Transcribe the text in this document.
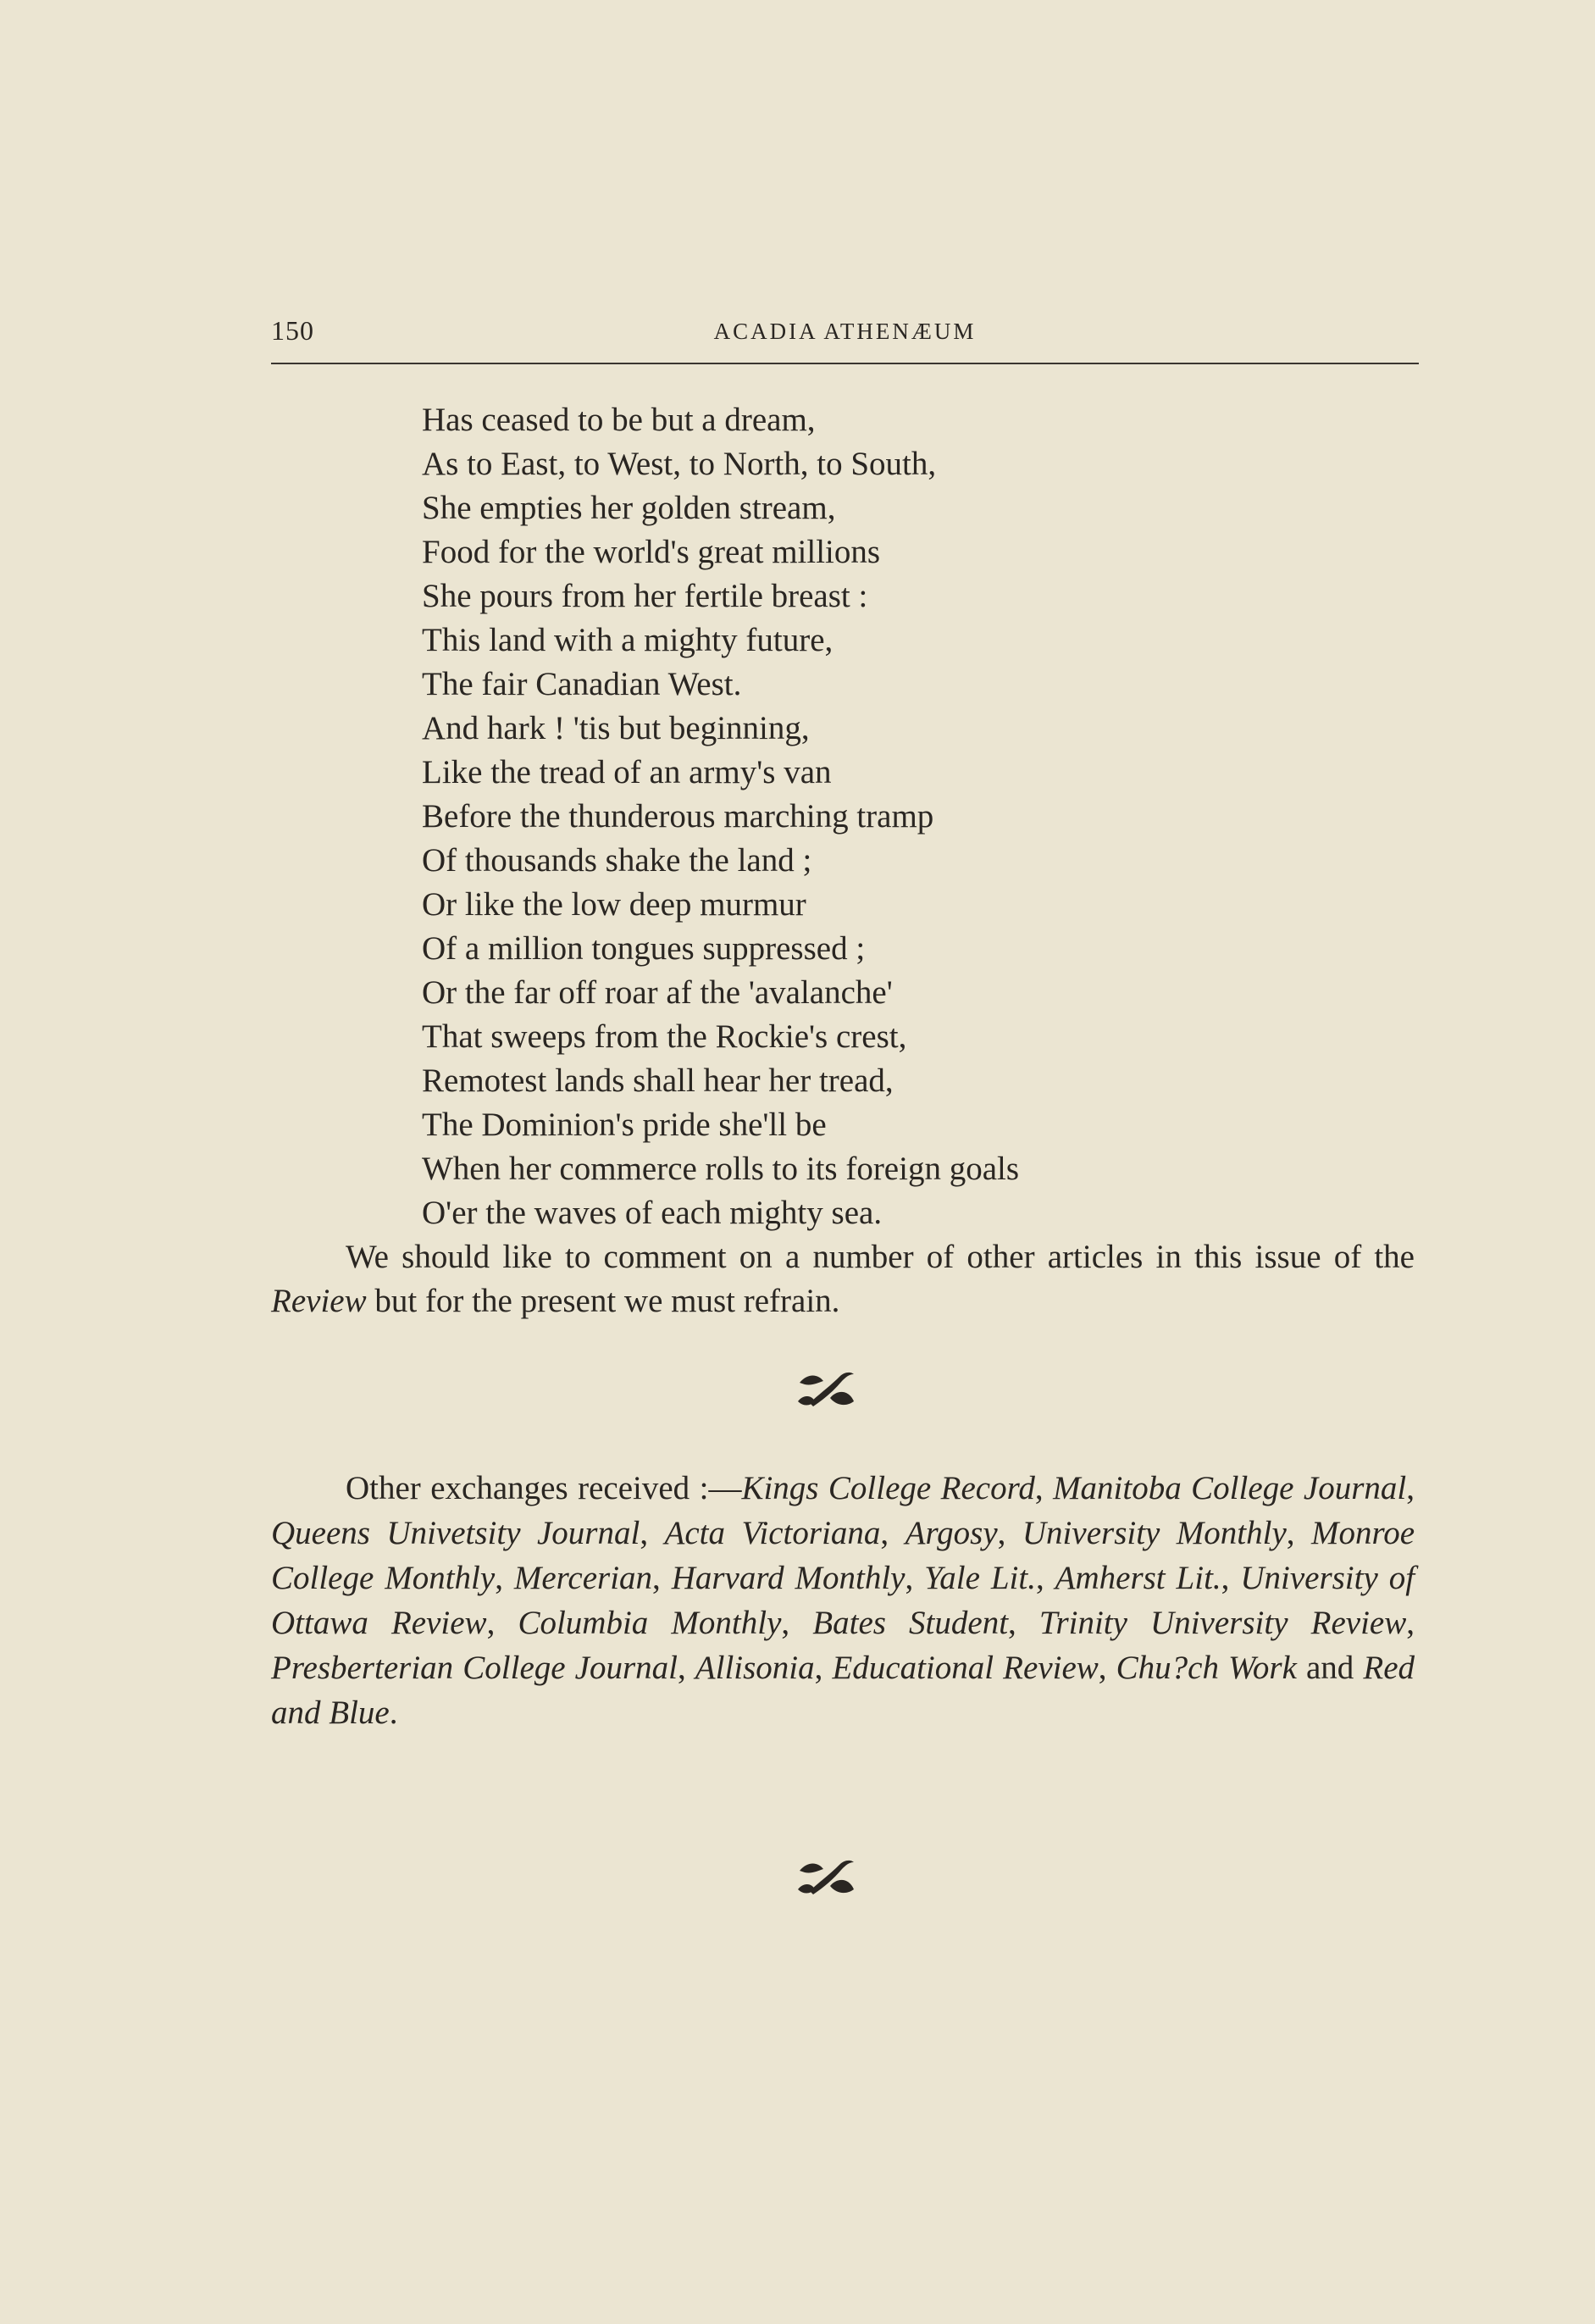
150	ACADIA ATHENÆUM
Has ceased to be but a dream,
As to East, to West, to North, to South,
She empties her golden stream,
Food for the world's great millions
She pours from her fertile breast :
This land with a mighty future,
The fair Canadian West.
And hark ! 'tis but beginning,
Like the tread of an army's van
Before the thunderous marching tramp
Of thousands shake the land ;
Or like the low deep murmur
Of a million tongues suppressed ;
Or the far off roar af the 'avalanche'
That sweeps from the Rockie's crest,
Remotest lands shall hear her tread,
The Dominion's pride she'll be
When her commerce rolls to its foreign goals
O'er the waves of each mighty sea.

We should like to comment on a number of other articles in this issue of the Review but for the present we must refrain.

Other exchanges received :—Kings College Record, Manitoba College Journal, Queens Univetsity Journal, Acta Victoriana, Argosy, University Monthly, Monroe College Monthly, Mercerian, Harvard Monthly, Yale Lit., Amherst Lit., University of Ottawa Review, Columbia Monthly, Bates Student, Trinity University Review, Presberterian College Journal, Allisonia, Educational Review, Chu?ch Work and Red and Blue.
